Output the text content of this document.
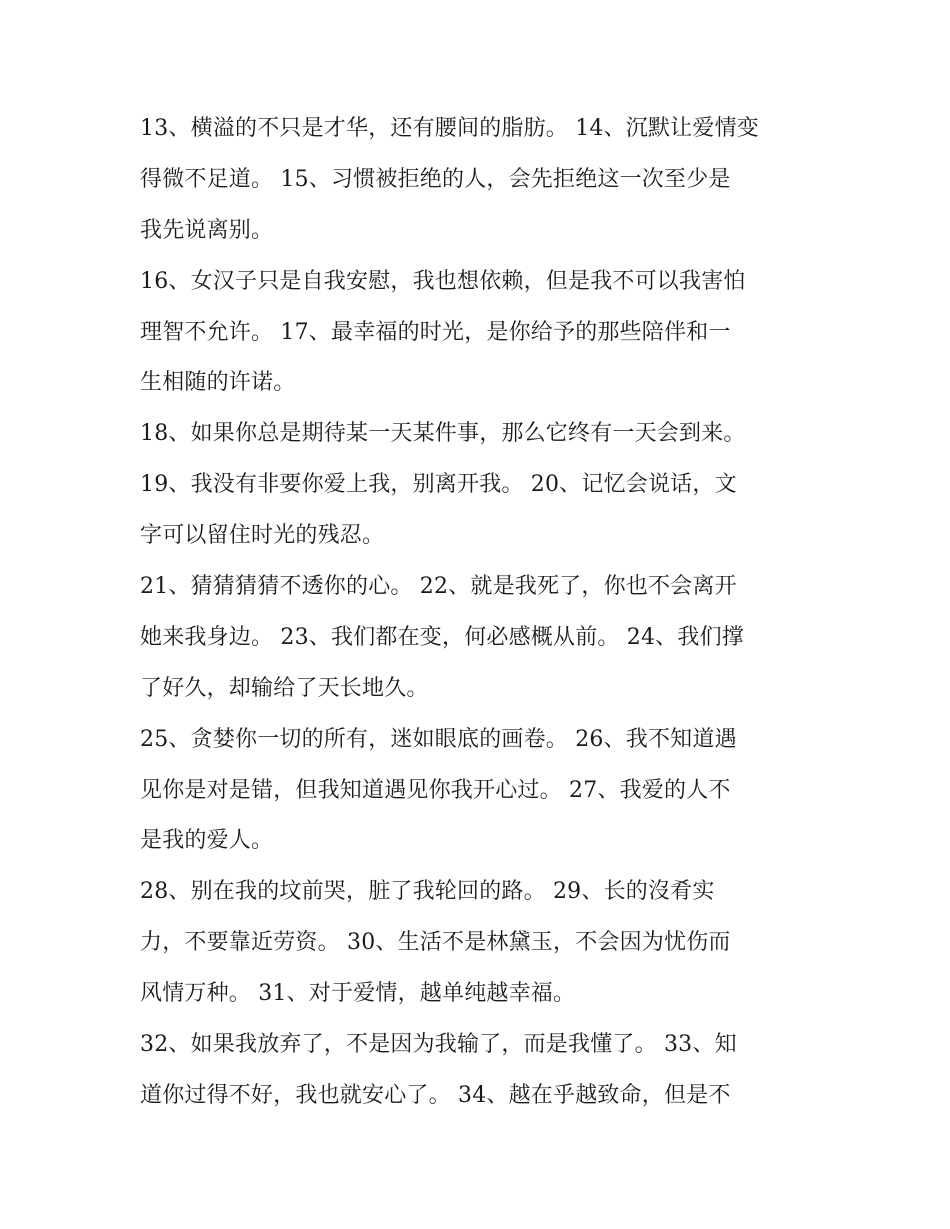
13、横溢的不只是才华，还有腰间的脂肪。 14、沉默让爱情变
得微不足道。 15、习惯被拒绝的人，会先拒绝这一次至少是
我先说离别。
16、女汉子只是自我安慰，我也想依赖，但是我不可以我害怕
理智不允许。 17、最幸福的时光，是你给予的那些陪伴和一
生相随的许诺。
18、如果你总是期待某一天某件事，那么它终有一天会到来。
19、我没有非要你爱上我，别离开我。 20、记忆会说话，文
字可以留住时光的残忍。
21、猜猜猜猜不透你的心。 22、就是我死了，你也不会离开
她来我身边。 23、我们都在变，何必感概从前。 24、我们撑
了好久，却输给了天长地久。
25、贪婪你一切的所有，迷如眼底的画卷。 26、我不知道遇
见你是对是错，但我知道遇见你我开心过。 27、我爱的人不
是我的爱人。
28、别在我的坟前哭，脏了我轮回的路。 29、长的沒肴实
力，不要靠近劳资。 30、生活不是林黛玉，不会因为忧伤而
风情万种。 31、对于爱情，越单纯越幸福。
32、如果我放弃了，不是因为我输了，而是我懂了。 33、知
道你过得不好，我也就安心了。 34、越在乎越致命，但是不
